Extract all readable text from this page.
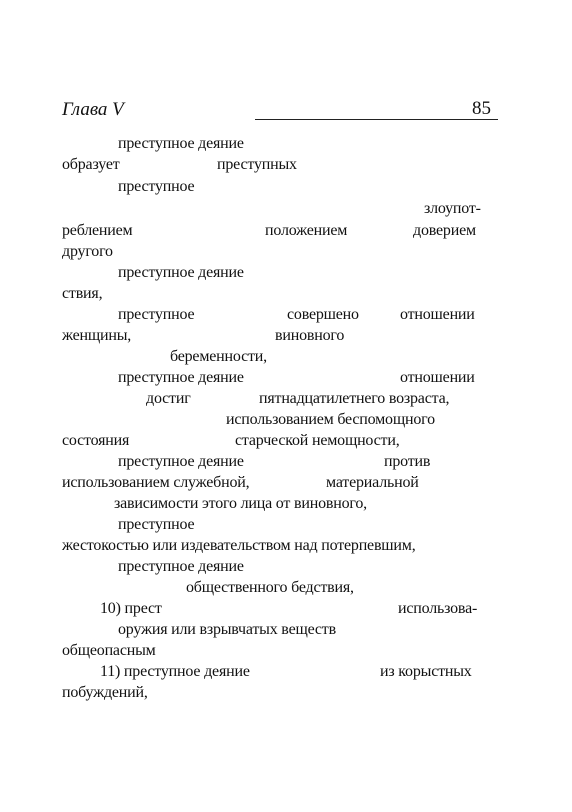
Глава V	85
преступное деяние
образует	преступных
преступное
злоупот-
реблением	положением	доверием
другого
преступное деяние
ствия,
преступное	совершено	отношении
женщины,	виновного
беременности,
преступное деяние	отношении
достиг	пятнадцатилетнего возраста,
использованием беспомощного
состояния	старческой немощности,
преступное деяние	против
использованием служебной,	материальной
зависимости этого лица от виновного,
преступное
жестокостью или издевательством над потерпевшим,
преступное деяние
общественного бедствия,
10) прест	использова-
оружия или взрывчатых веществ
общеопасным
11) преступное деяние	из корыстных
побуждений,
